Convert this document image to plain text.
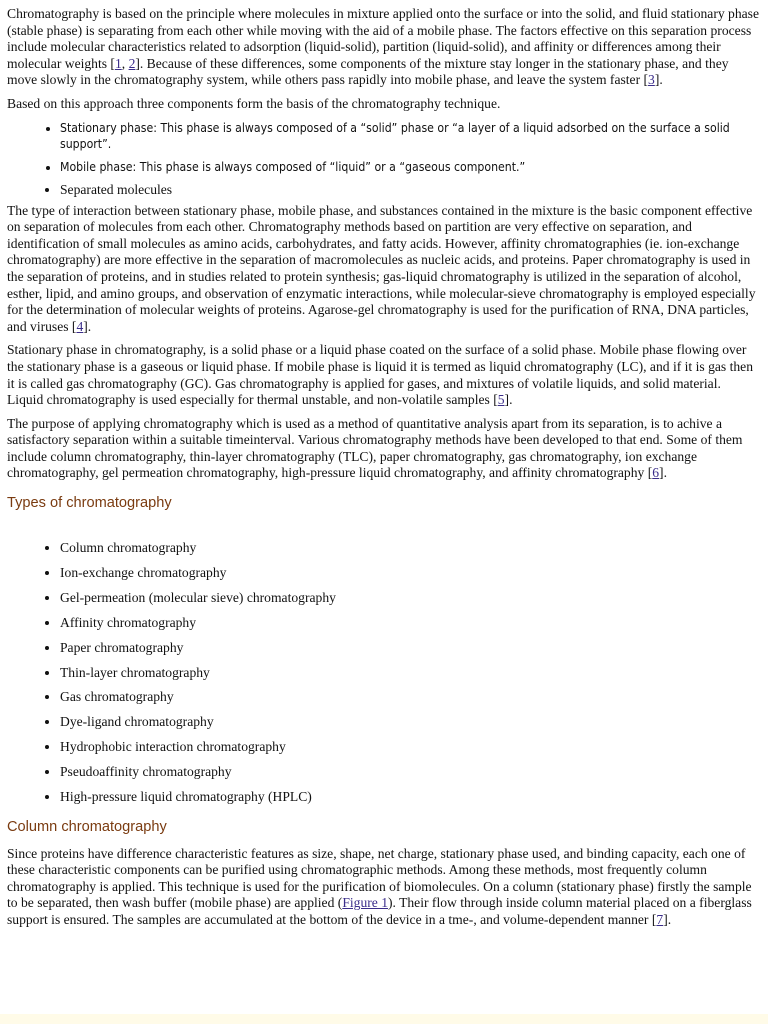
Chromatography is based on the principle where molecules in mixture applied onto the surface or into the solid, and fluid stationary phase (stable phase) is separating from each other while moving with the aid of a mobile phase. The factors effective on this separation process include molecular characteristics related to adsorption (liquid-solid), partition (liquid-solid), and affinity or differences among their molecular weights [1, 2]. Because of these differences, some components of the mixture stay longer in the stationary phase, and they move slowly in the chromatography system, while others pass rapidly into mobile phase, and leave the system faster [3].

Based on this approach three components form the basis of the chromatography technique.

• Stationary phase: This phase is always composed of a “solid” phase or “a layer of a liquid adsorbed on the surface a solid support”.
• Mobile phase: This phase is always composed of “liquid” or a “gaseous component.”
• Separated molecules

The type of interaction between stationary phase, mobile phase, and substances contained in the mixture is the basic component effective on separation of molecules from each other. Chromatography methods based on partition are very effective on separation, and identification of small molecules as amino acids, carbohydrates, and fatty acids. However, affinity chromatographies (ie. ion-exchange chromatography) are more effective in the separation of macromolecules as nucleic acids, and proteins. Paper chromatography is used in the separation of proteins, and in studies related to protein synthesis; gas-liquid chromatography is utilized in the separation of alcohol, esther, lipid, and amino groups, and observation of enzymatic interactions, while molecular-sieve chromatography is employed especially for the determination of molecular weights of proteins. Agarose-gel chromatography is used for the purification of RNA, DNA particles, and viruses [4].

Stationary phase in chromatography, is a solid phase or a liquid phase coated on the surface of a solid phase. Mobile phase flowing over the stationary phase is a gaseous or liquid phase. If mobile phase is liquid it is termed as liquid chromatography (LC), and if it is gas then it is called gas chromatography (GC). Gas chromatography is applied for gases, and mixtures of volatile liquids, and solid material. Liquid chromatography is used especially for thermal unstable, and non-volatile samples [5].

The purpose of applying chromatography which is used as a method of quantitative analysis apart from its separation, is to achive a satisfactory separation within a suitable timeinterval. Various chromatography methods have been developed to that end. Some of them include column chromatography, thin-layer chromatography (TLC), paper chromatography, gas chromatography, ion exchange chromatography, gel permeation chromatography, high-pressure liquid chromatography, and affinity chromatography [6].

Types of chromatography
• Column chromatography
• Ion-exchange chromatography
• Gel-permeation (molecular sieve) chromatography
• Affinity chromatography
• Paper chromatography
• Thin-layer chromatography
• Gas chromatography
• Dye-ligand chromatography
• Hydrophobic interaction chromatography
• Pseudoaffinity chromatography
• High-pressure liquid chromatography (HPLC)
Column chromatography

Since proteins have difference characteristic features as size, shape, net charge, stationary phase used, and binding capacity, each one of these characteristic components can be purified using chromatographic methods. Among these methods, most frequently column chromatography is applied. This technique is used for the purification of biomolecules. On a column (stationary phase) firstly the sample to be separated, then wash buffer (mobile phase) are applied (Figure 1). Their flow through inside column material placed on a fiberglass support is ensured. The samples are accumulated at the bottom of the device in a tme-, and volume-dependent manner [7].
